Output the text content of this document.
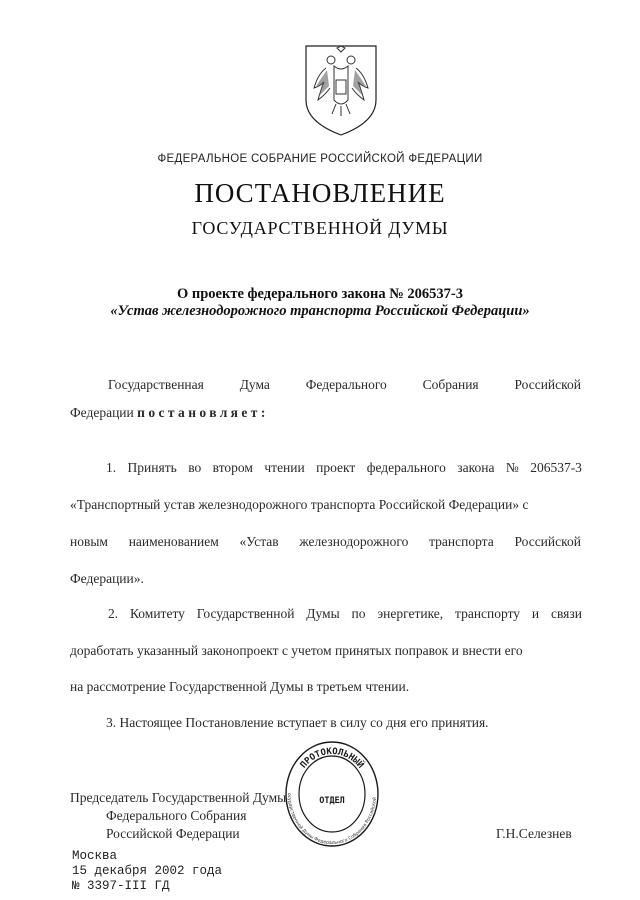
ФЕДЕРАЛЬНОЕ СОБРАНИЕ РОССИЙСКОЙ ФЕДЕРАЦИИ
ПОСТАНОВЛЕНИЕ
ГОСУДАРСТВЕННОЙ ДУМЫ
О проекте федерального закона № 206537-3
«Устав железнодорожного транспорта Российской Федерации»
Государственная	Дума	Федерального	Собрания	Российской
Федерации постановляет:
1. Принять во втором чтении проект федерального закона № 206537-3
«Транспортный устав железнодорожного транспорта Российской Федерации» с
новым наименованием «Устав железнодорожного транспорта Российской
Федерации».
2. Комитету Государственной Думы по энергетике, транспорту и связи
доработать указанный законопроект с учетом принятых поправок и внести его
на рассмотрение Государственной Думы в третьем чтении.
3. Настоящее Постановление вступает в силу со дня его принятия.
Председатель Государственной Думы
Федерального Собрания
Российской Федерации	Г.Н.Селезнев
ПРОТОКОЛЬНЫЙ
осударственной Думы Федерального Собрания Российской
ОТДЕЛ
Москва
15 декабря 2002 года
№ 3397-III ГД
